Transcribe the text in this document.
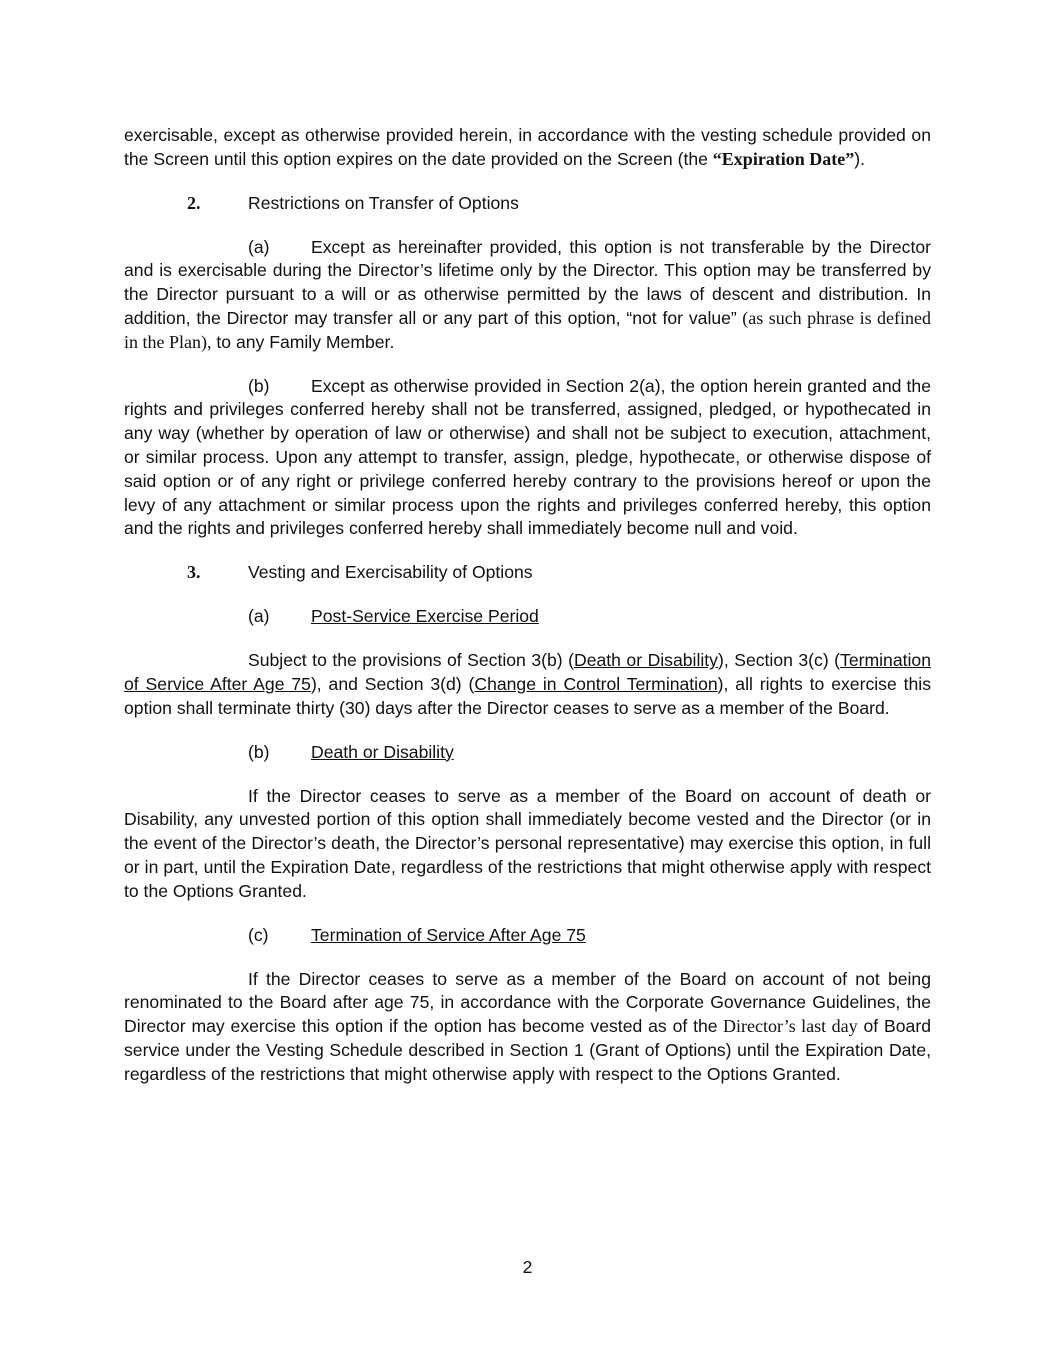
exercisable, except as otherwise provided herein, in accordance with the vesting schedule provided on the Screen until this option expires on the date provided on the Screen (the “Expiration Date”).

2.	Restrictions on Transfer of Options

(a) Except as hereinafter provided, this option is not transferable by the Director and is exercisable during the Director’s lifetime only by the Director. This option may be transferred by the Director pursuant to a will or as otherwise permitted by the laws of descent and distribution. In addition, the Director may transfer all or any part of this option, “not for value” (as such phrase is defined in the Plan), to any Family Member.

(b) Except as otherwise provided in Section 2(a), the option herein granted and the rights and privileges conferred hereby shall not be transferred, assigned, pledged, or hypothecated in any way (whether by operation of law or otherwise) and shall not be subject to execution, attachment, or similar process. Upon any attempt to transfer, assign, pledge, hypothecate, or otherwise dispose of said option or of any right or privilege conferred hereby contrary to the provisions hereof or upon the levy of any attachment or similar process upon the rights and privileges conferred hereby, this option and the rights and privileges conferred hereby shall immediately become null and void.

3.	Vesting and Exercisability of Options
(a) Post-Service Exercise Period

Subject to the provisions of Section 3(b) (Death or Disability), Section 3(c) (Termination of Service After Age 75), and Section 3(d) (Change in Control Termination), all rights to exercise this option shall terminate thirty (30) days after the Director ceases to serve as a member of the Board.

(b) Death or Disability

If the Director ceases to serve as a member of the Board on account of death or Disability, any unvested portion of this option shall immediately become vested and the Director (or in the event of the Director’s death, the Director’s personal representative) may exercise this option, in full or in part, until the Expiration Date, regardless of the restrictions that might otherwise apply with respect to the Options Granted.

(c) Termination of Service After Age 75

If the Director ceases to serve as a member of the Board on account of not being renominated to the Board after age 75, in accordance with the Corporate Governance Guidelines, the Director may exercise this option if the option has become vested as of the Director’s last day of Board service under the Vesting Schedule described in Section 1 (Grant of Options) until the Expiration Date, regardless of the restrictions that might otherwise apply with respect to the Options Granted.

2
